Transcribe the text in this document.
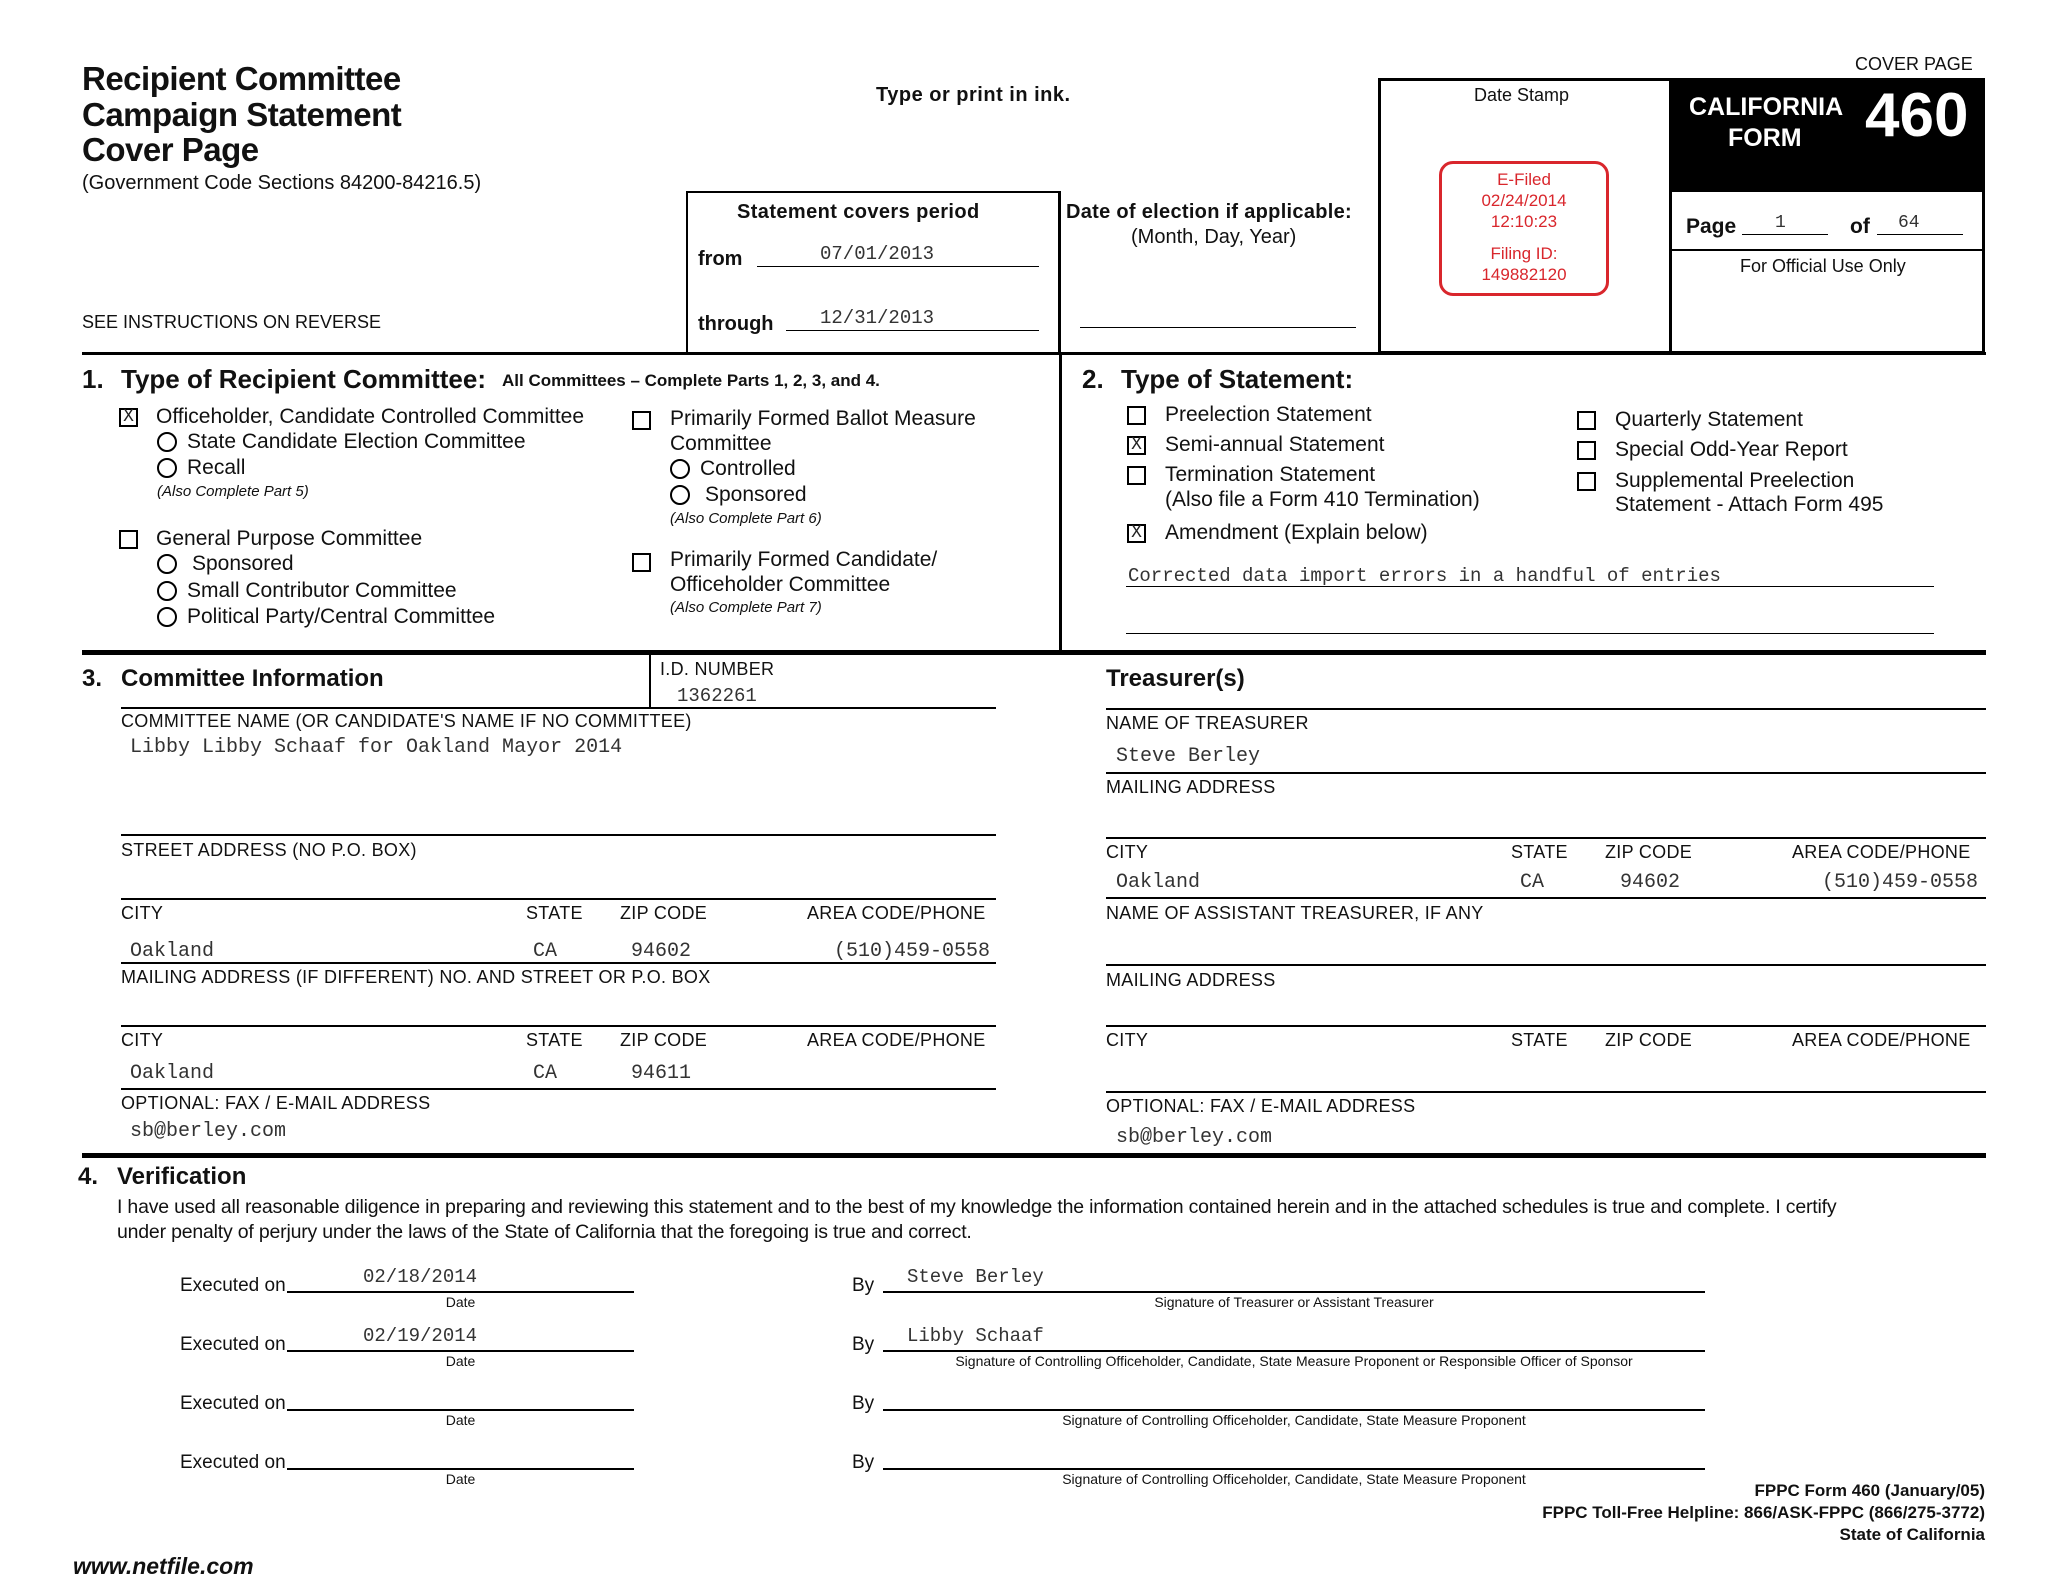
Recipient Committee
Campaign Statement
Cover Page
(Government Code Sections 84200-84216.5)
Type or print in ink.
SEE INSTRUCTIONS ON REVERSE
COVER PAGE
Statement covers period
from	07/01/2013
through 12/31/2013
Date of election if applicable:
(Month, Day, Year)
Date Stamp
E-Filed
02/24/2014
12:10:23
Filing ID:
149882120
CALIFORNIA
FORM 460
Page 1	of 64
For Official Use Only
1. Type of Recipient Committee: All Committees – Complete Parts 1, 2, 3, and 4.
X Officeholder, Candidate Controlled Committee
State Candidate Election Committee
Recall
(Also Complete Part 5)
General Purpose Committee
Sponsored
Small Contributor Committee
Political Party/Central Committee
Primarily Formed Ballot Measure
Committee
Controlled
Sponsored
(Also Complete Part 6)
Primarily Formed Candidate/
Officeholder Committee
(Also Complete Part 7)
2. Type of Statement:
Preelection Statement
X Semi-annual Statement
Termination Statement
(Also file a Form 410 Termination)
X Amendment (Explain below)
Quarterly Statement
Special Odd-Year Report
Supplemental Preelection
Statement - Attach Form 495
Corrected data import errors in a handful of entries
3. Committee Information	I.D. NUMBER
1362261
COMMITTEE NAME (OR CANDIDATE'S NAME IF NO COMMITTEE)
Libby Libby Schaaf for Oakland Mayor 2014
STREET ADDRESS (NO P.O. BOX)
CITY	STATE ZIP CODE	AREA CODE/PHONE
Oakland	CA	94602	(510)459-0558
MAILING ADDRESS (IF DIFFERENT) NO. AND STREET OR P.O. BOX
CITY	STATE ZIP CODE	AREA CODE/PHONE
Oakland	CA	94611
OPTIONAL: FAX / E-MAIL ADDRESS
sb@berley.com
Treasurer(s)
NAME OF TREASURER
Steve Berley
MAILING ADDRESS
CITY	STATE ZIP CODE	AREA CODE/PHONE
Oakland	CA	94602	(510)459-0558
NAME OF ASSISTANT TREASURER, IF ANY
MAILING ADDRESS
CITY	STATE ZIP CODE	AREA CODE/PHONE
OPTIONAL: FAX / E-MAIL ADDRESS
sb@berley.com
4. Verification
I have used all reasonable diligence in preparing and reviewing this statement and to the best of my knowledge the information contained herein and in the attached schedules is true and complete. I certify
under penalty of perjury under the laws of the State of California that the foregoing is true and correct.
Executed on	02/18/2014
Date
By Steve Berley
Signature of Treasurer or Assistant Treasurer
Executed on	02/19/2014
Date
By Libby Schaaf
Signature of Controlling Officeholder, Candidate, State Measure Proponent or Responsible Officer of Sponsor
Executed on
Date
By
Signature of Controlling Officeholder, Candidate, State Measure Proponent
Executed on
Date
By
Signature of Controlling Officeholder, Candidate, State Measure Proponent
FPPC Form 460 (January/05)
FPPC Toll-Free Helpline: 866/ASK-FPPC (866/275-3772)
State of California
www.netfile.com
